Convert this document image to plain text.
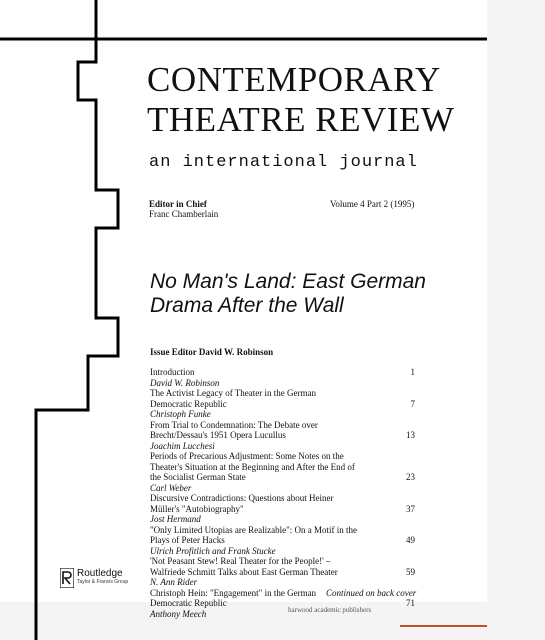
CONTEMPORARY
THEATRE REVIEW
an international journal
Editor in Chief
Franc Chamberlain
Volume 4 Part 2 (1995)
No Man's Land: East German
Drama After the Wall
Issue Editor David W. Robinson
1
Introduction
David W. Robinson
7
The Activist Legacy of Theater in the German Democratic Republic
Christoph Funke
13
From Trial to Condemnation: The Debate over Brecht/Dessau's 1951 Opera Lucullus
Joachim Lucchesi
23
Periods of Precarious Adjustment: Some Notes on the Theater's Situation at the Beginning and After the End of the Socialist German State
Carl Weber
37
Discursive Contradictions: Questions about Heiner Müller's "Autobiography"
Jost Hermand
49
"Only Limited Utopias are Realizable": On a Motif in the Plays of Peter Hacks
Ulrich Profitlich and Frank Stucke
59
'Not Peasant Stew! Real Theater for the People!' – Walfriede Schmitt Talks about East German Theater
N. Ann Rider
71
Christoph Hein: "Engagement" in the German Democratic Republic
Anthony Meech
Continued on back cover
harwood academic publishers
Routledge
Taylor & Francis Group
